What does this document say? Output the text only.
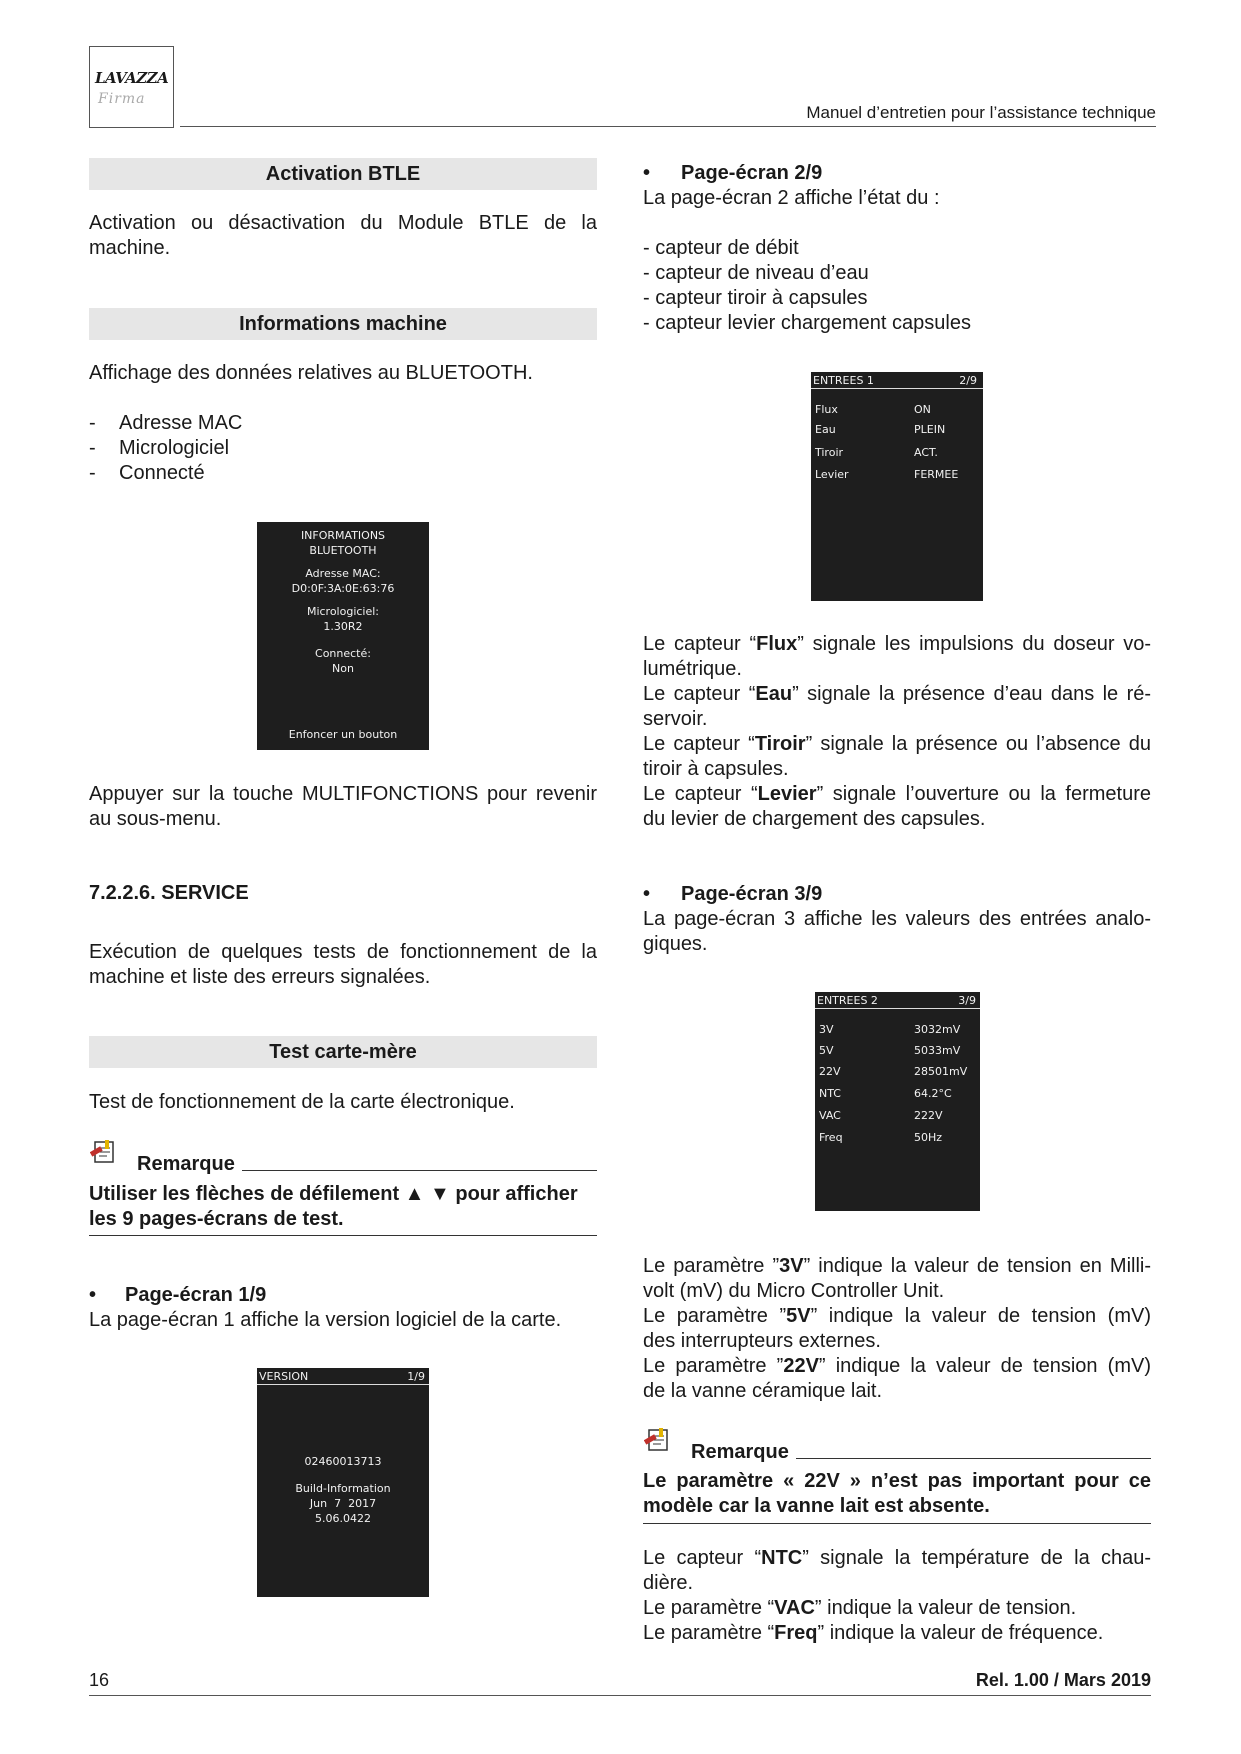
LAVAZZA
Firma
Manuel d’entretien pour l’assistance technique
Activation BTLE
Activation ou désactivation du Module BTLE de la machine.
Informations machine
Affichage des données relatives au BLUETOOTH.
- Adresse MAC
- Micrologiciel
- Connecté
INFORMATIONS
BLUETOOTH
Adresse MAC:
D0:0F:3A:0E:63:76
Micrologiciel:
1.30R2
Connecté:
Non
Enfoncer un bouton
Appuyer sur la touche MULTIFONCTIONS pour revenir au sous-menu.
7.2.2.6. SERVICE
Exécution de quelques tests de fonctionnement de la machine et liste des erreurs signalées.
Test carte-mère
Test de fonctionnement de la carte électronique.
Remarque
Utiliser les flèches de défilement ▲ ▼ pour afficher
les 9 pages-écrans de test.
• Page-écran 1/9
La page-écran 1 affiche la version logiciel de la carte.
VERSION	1/9
02460013713
Build-Information
Jun  7  2017
5.06.0422
• Page-écran 2/9
La page-écran 2 affiche l’état du :
- capteur de débit
- capteur de niveau d’eau
- capteur tiroir à capsules
- capteur levier chargement capsules
ENTREES 1	2/9
Flux	ON
Eau	PLEIN
Tiroir	ACT.
Levier	FERMEE
Le capteur “Flux” signale les impulsions du doseur vo-
lumétrique.
Le capteur “Eau” signale la présence d’eau dans le ré-
servoir.
Le capteur “Tiroir” signale la présence ou l’absence du
tiroir à capsules.
Le capteur “Levier” signale l’ouverture ou la fermeture
du levier de chargement des capsules.
• Page-écran 3/9
La page-écran 3 affiche les valeurs des entrées analo-
giques.
ENTREES 2	3/9
3V	3032mV
5V	5033mV
22V	28501mV
NTC	64.2°C
VAC	222V
Freq	50Hz
Le paramètre ”3V” indique la valeur de tension en Milli-
volt (mV) du Micro Controller Unit.
Le paramètre ”5V” indique la valeur de tension (mV)
des interrupteurs externes.
Le paramètre ”22V” indique la valeur de tension (mV)
de la vanne céramique lait.
Remarque
Le paramètre « 22V » n’est pas important pour ce
modèle car la vanne lait est absente.
Le capteur “NTC” signale la température de la chau-
dière.
Le paramètre “VAC” indique la valeur de tension.
Le paramètre “Freq” indique la valeur de fréquence.
16	Rel. 1.00 / Mars 2019
